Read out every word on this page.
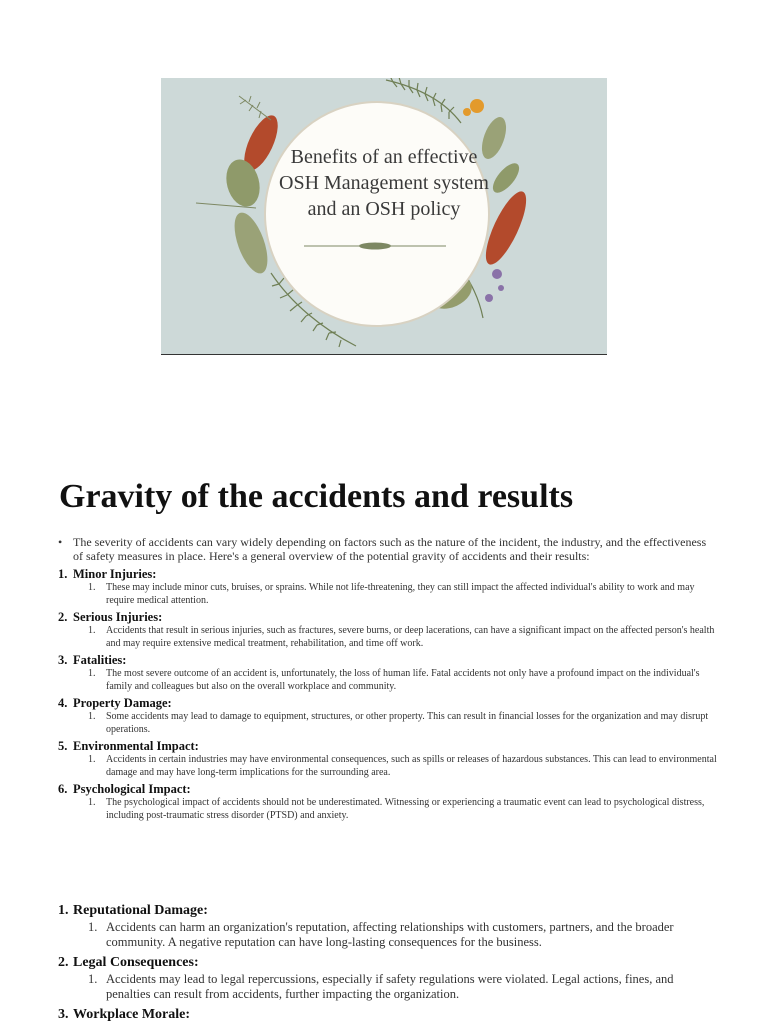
Benefits of an effective
OSH Management system
and an OSH policy
Gravity of the accidents and results
• The severity of accidents can vary widely depending on factors such as the nature of the incident, the industry, and the effectiveness of safety measures in place. Here's a general overview of the potential gravity of accidents and their results:
1. Minor Injuries:
1. These may include minor cuts, bruises, or sprains. While not life-threatening, they can still impact the affected individual's ability to work and may require medical attention.
2. Serious Injuries:
1. Accidents that result in serious injuries, such as fractures, severe burns, or deep lacerations, can have a significant impact on the affected person's health and may require extensive medical treatment, rehabilitation, and time off work.
3. Fatalities:
1. The most severe outcome of an accident is, unfortunately, the loss of human life. Fatal accidents not only have a profound impact on the individual's family and colleagues but also on the overall workplace and community.
4. Property Damage:
1. Some accidents may lead to damage to equipment, structures, or other property. This can result in financial losses for the organization and may disrupt operations.
5. Environmental Impact:
1. Accidents in certain industries may have environmental consequences, such as spills or releases of hazardous substances. This can lead to environmental damage and may have long-term implications for the surrounding area.
6. Psychological Impact:
1. The psychological impact of accidents should not be underestimated. Witnessing or experiencing a traumatic event can lead to psychological distress, including post-traumatic stress disorder (PTSD) and anxiety.
1. Reputational Damage:
1. Accidents can harm an organization's reputation, affecting relationships with customers, partners, and the broader community. A negative reputation can have long-lasting consequences for the business.
2. Legal Consequences:
1. Accidents may lead to legal repercussions, especially if safety regulations were violated. Legal actions, fines, and penalties can result from accidents, further impacting the organization.
3. Workplace Morale:
